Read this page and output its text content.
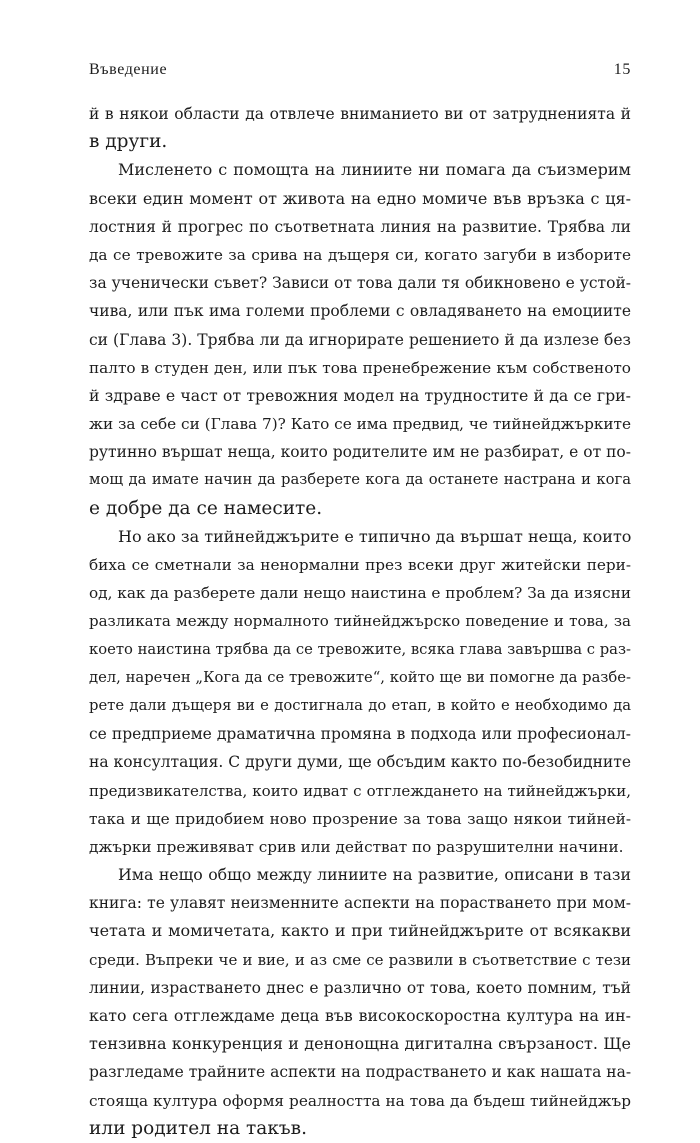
Въведение	15
й в някои области да отвлече вниманието ви от затрудненията й
в други.
Мисленето с помощта на линиите ни помага да съизмерим
всеки един момент от живота на едно момиче във връзка с ця-
лостния й прогрес по съответната линия на развитие. Трябва ли
да се тревожите за срива на дъщеря си, когато загуби в изборите
за ученически съвет? Зависи от това дали тя обикновено е устой-
чива, или пък има големи проблеми с овладяването на емоциите
си (Глава 3). Трябва ли да игнорирате решението й да излезе без
палто в студен ден, или пък това пренебрежение към собственото
й здраве е част от тревожния модел на трудностите й да се гри-
жи за себе си (Глава 7)? Като се има предвид, че тийнейджърките
рутинно вършат неща, които родителите им не разбират, е от по-
мощ да имате начин да разберете кога да останете настрана и кога
е добре да се намесите.
Но ако за тийнейджърите е типично да вършат неща, които
биха се сметнали за ненормални през всеки друг житейски пери-
од, как да разберете дали нещо наистина е проблем? За да изясни
разликата между нормалното тийнейджърско поведение и това, за
което наистина трябва да се тревожите, всяка глава завършва с раз-
дел, наречен „Кога да се тревожите“, който ще ви помогне да разбе-
рете дали дъщеря ви е достигнала до етап, в който е необходимо да
се предприеме драматична промяна в подхода или професионал-
на консултация. С други думи, ще обсъдим както по-безобидните
предизвикателства, които идват с отглеждането на тийнейджърки,
така и ще придобием ново прозрение за това защо някои тийней-
джърки преживяват срив или действат по разрушителни начини.
Има нещо общо между линиите на развитие, описани в тази
книга: те улавят неизменните аспекти на порастването при мом-
четата и момичетата, както и при тийнейджърите от всякакви
среди. Въпреки че и вие, и аз сме се развили в съответствие с тези
линии, израстването днес е различно от това, което помним, тъй
като сега отглеждаме деца във високоскоростна култура на ин-
тензивна конкуренция и денонощна дигитална свързаност. Ще
разгледаме трайните аспекти на подрастването и как нашата на-
стояща култура оформя реалността на това да бъдеш тийнейджър
или родител на такъв.
